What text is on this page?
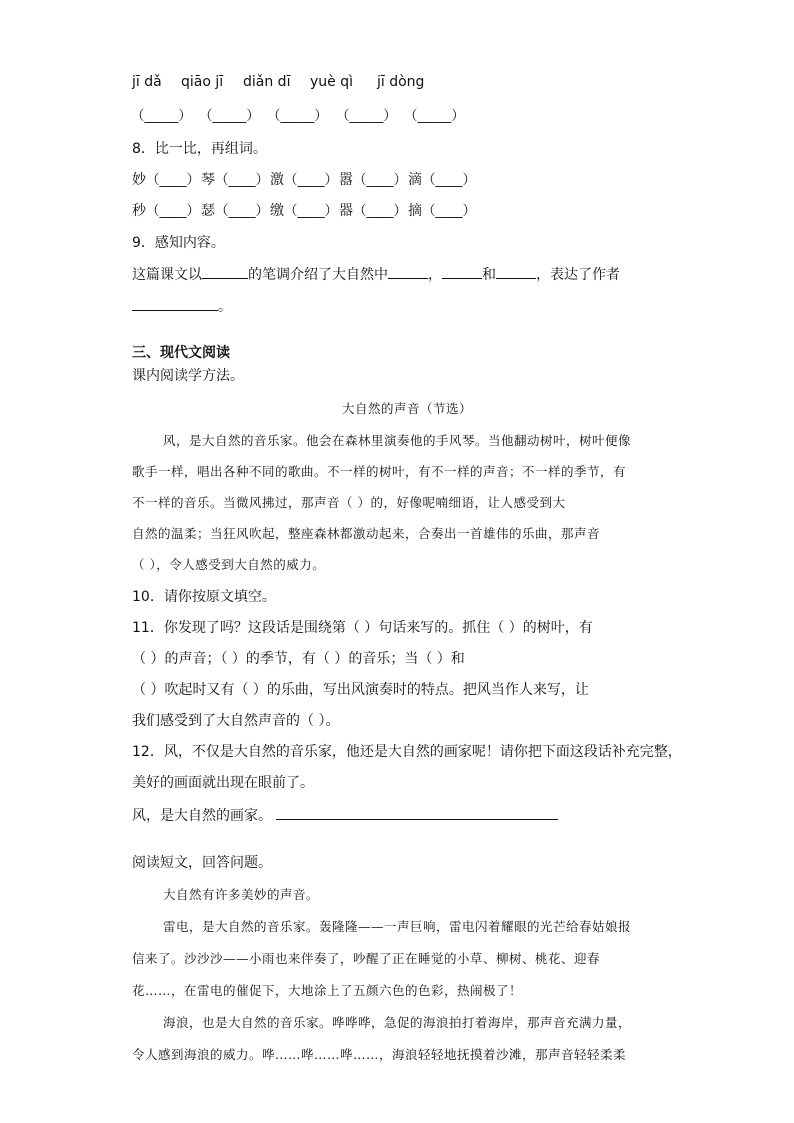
jī dǎ qiāo jī diǎn dī yuè qì jī dòng
（_____） （_____） （_____） （_____） （_____）
8．比一比，再组词。
妙 （____） 琴 （____） 激 （____） 嚣 （____） 滴 （____）
秒 （____） 瑟 （____） 缴 （____） 器 （____） 摘 （____）
9．感知内容。
这篇课文以	的笔调介绍了大自然中	，	和	，表达了作者
。
三、现代文阅读
课内阅读学方法。
大自然的声音（节选）
风，是大自然的音乐家。他会在森林里演奏他的手风琴。当他翻动树叶，树叶便像
歌手一样，唱出各种不同的歌曲。不一样的树叶，有不一样的声音；不一样的季节，有
不一样的音乐。当微风拂过，那声音（ ）的，好像呢喃细语，让人感受到大
自然的温柔；当狂风吹起，整座森林都激动起来，合奏出一首雄伟的乐曲，那声音
（ ），令人感受到大自然的威力。
10．请你按原文填空。
11．你发现了吗？这段话是围绕第（ ）句话来写的。抓住（ ）的树叶，有
（ ）的声音；（ ）的季节，有（ ）的音乐；当（ ）和
（ ）吹起时又有（ ）的乐曲，写出风演奏时的特点。把风当作人来写，让
我们感受到了大自然声音的（ ）。
12．风，不仅是大自然的音乐家，他还是大自然的画家呢！请你把下面这段话补充完整，
美好的画面就出现在眼前了。
风，是大自然的画家。
阅读短文，回答问题。
大自然有许多美妙的声音。
雷电，是大自然的音乐家。轰隆隆——一声巨响，雷电闪着耀眼的光芒给春姑娘报
信来了。沙沙沙——小雨也来伴奏了，吵醒了正在睡觉的小草、柳树、桃花、迎春
花……，在雷电的催促下，大地涂上了五颜六色的色彩，热闹极了！
海浪，也是大自然的音乐家。哗哗哗，急促的海浪拍打着海岸，那声音充满力量，
令人感到海浪的威力。哗……哗……哗……，海浪轻轻地抚摸着沙滩，那声音轻轻柔柔
